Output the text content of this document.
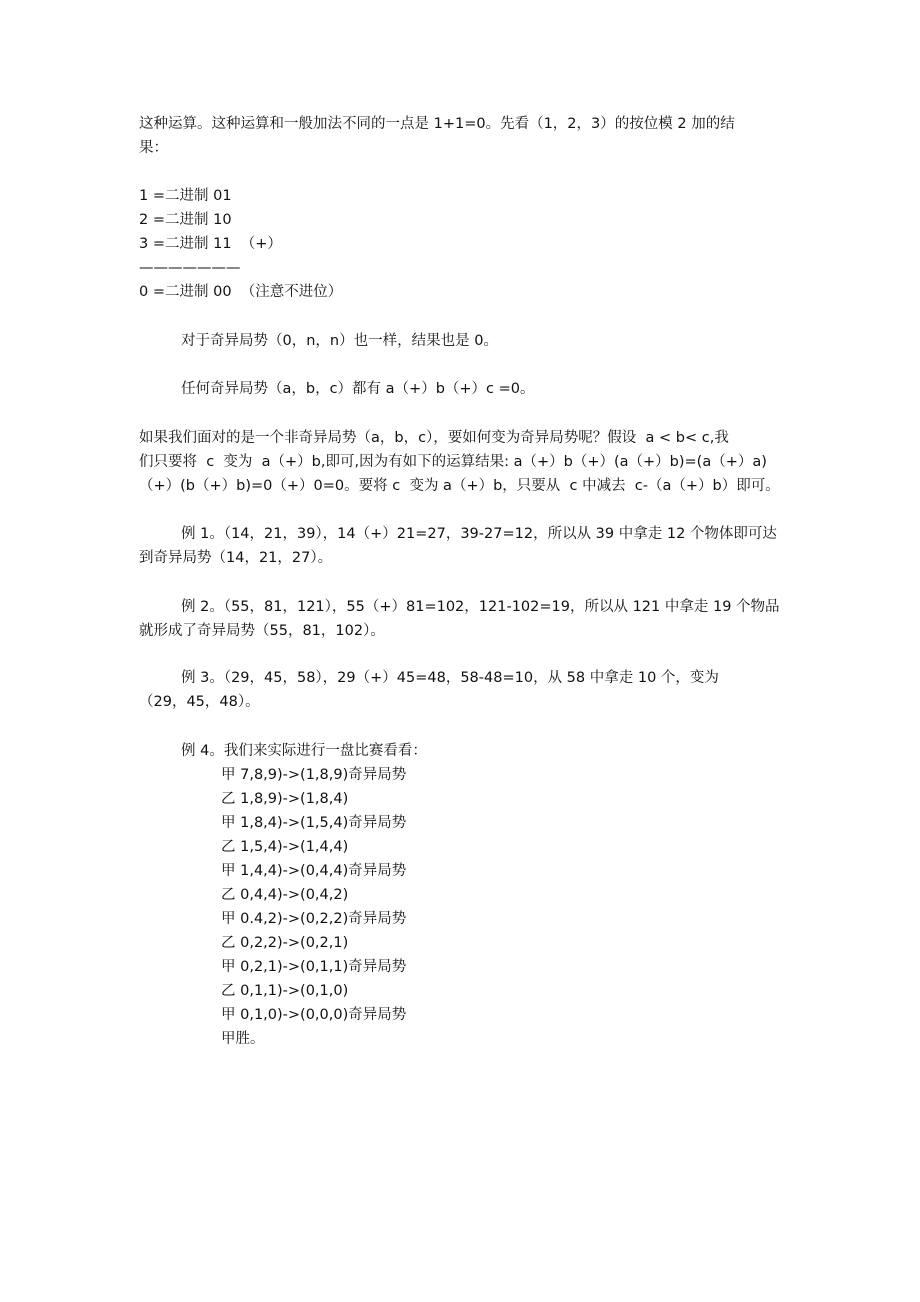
这种运算。这种运算和一般加法不同的一点是 1+1=0。先看（1，2，3）的按位模 2 加的结
果：
1 =二进制 01
2 =二进制 10
3 =二进制 11  （+）
———————
0 =二进制 00  （注意不进位）
对于奇异局势（0，n，n）也一样，结果也是 0。
任何奇异局势（a，b，c）都有 a（+）b（+）c =0。
如果我们面对的是一个非奇异局势（a，b，c），要如何变为奇异局势呢？假设  a < b< c,我
们只要将  c  变为  a（+）b,即可,因为有如下的运算结果: a（+）b（+）(a（+）b)=(a（+）a)
（+）(b（+）b)=0（+）0=0。要将 c  变为 a（+）b，只要从  c 中减去  c-（a（+）b）即可。
例 1。（14，21，39），14（+）21=27，39-27=12，所以从 39 中拿走 12 个物体即可达
到奇异局势（14，21，27）。
例 2。（55，81，121），55（+）81=102，121-102=19，所以从 121 中拿走 19 个物品
就形成了奇异局势（55，81，102）。
例 3。（29，45，58），29（+）45=48，58-48=10，从 58 中拿走 10 个，变为
（29，45，48）。
例 4。我们来实际进行一盘比赛看看：
甲 7,8,9)->(1,8,9)奇异局势
乙 1,8,9)->(1,8,4)
甲 1,8,4)->(1,5,4)奇异局势
乙 1,5,4)->(1,4,4)
甲 1,4,4)->(0,4,4)奇异局势
乙 0,4,4)->(0,4,2)
甲 0.4,2)->(0,2,2)奇异局势
乙 0,2,2)->(0,2,1)
甲 0,2,1)->(0,1,1)奇异局势
乙 0,1,1)->(0,1,0)
甲 0,1,0)->(0,0,0)奇异局势
甲胜。
